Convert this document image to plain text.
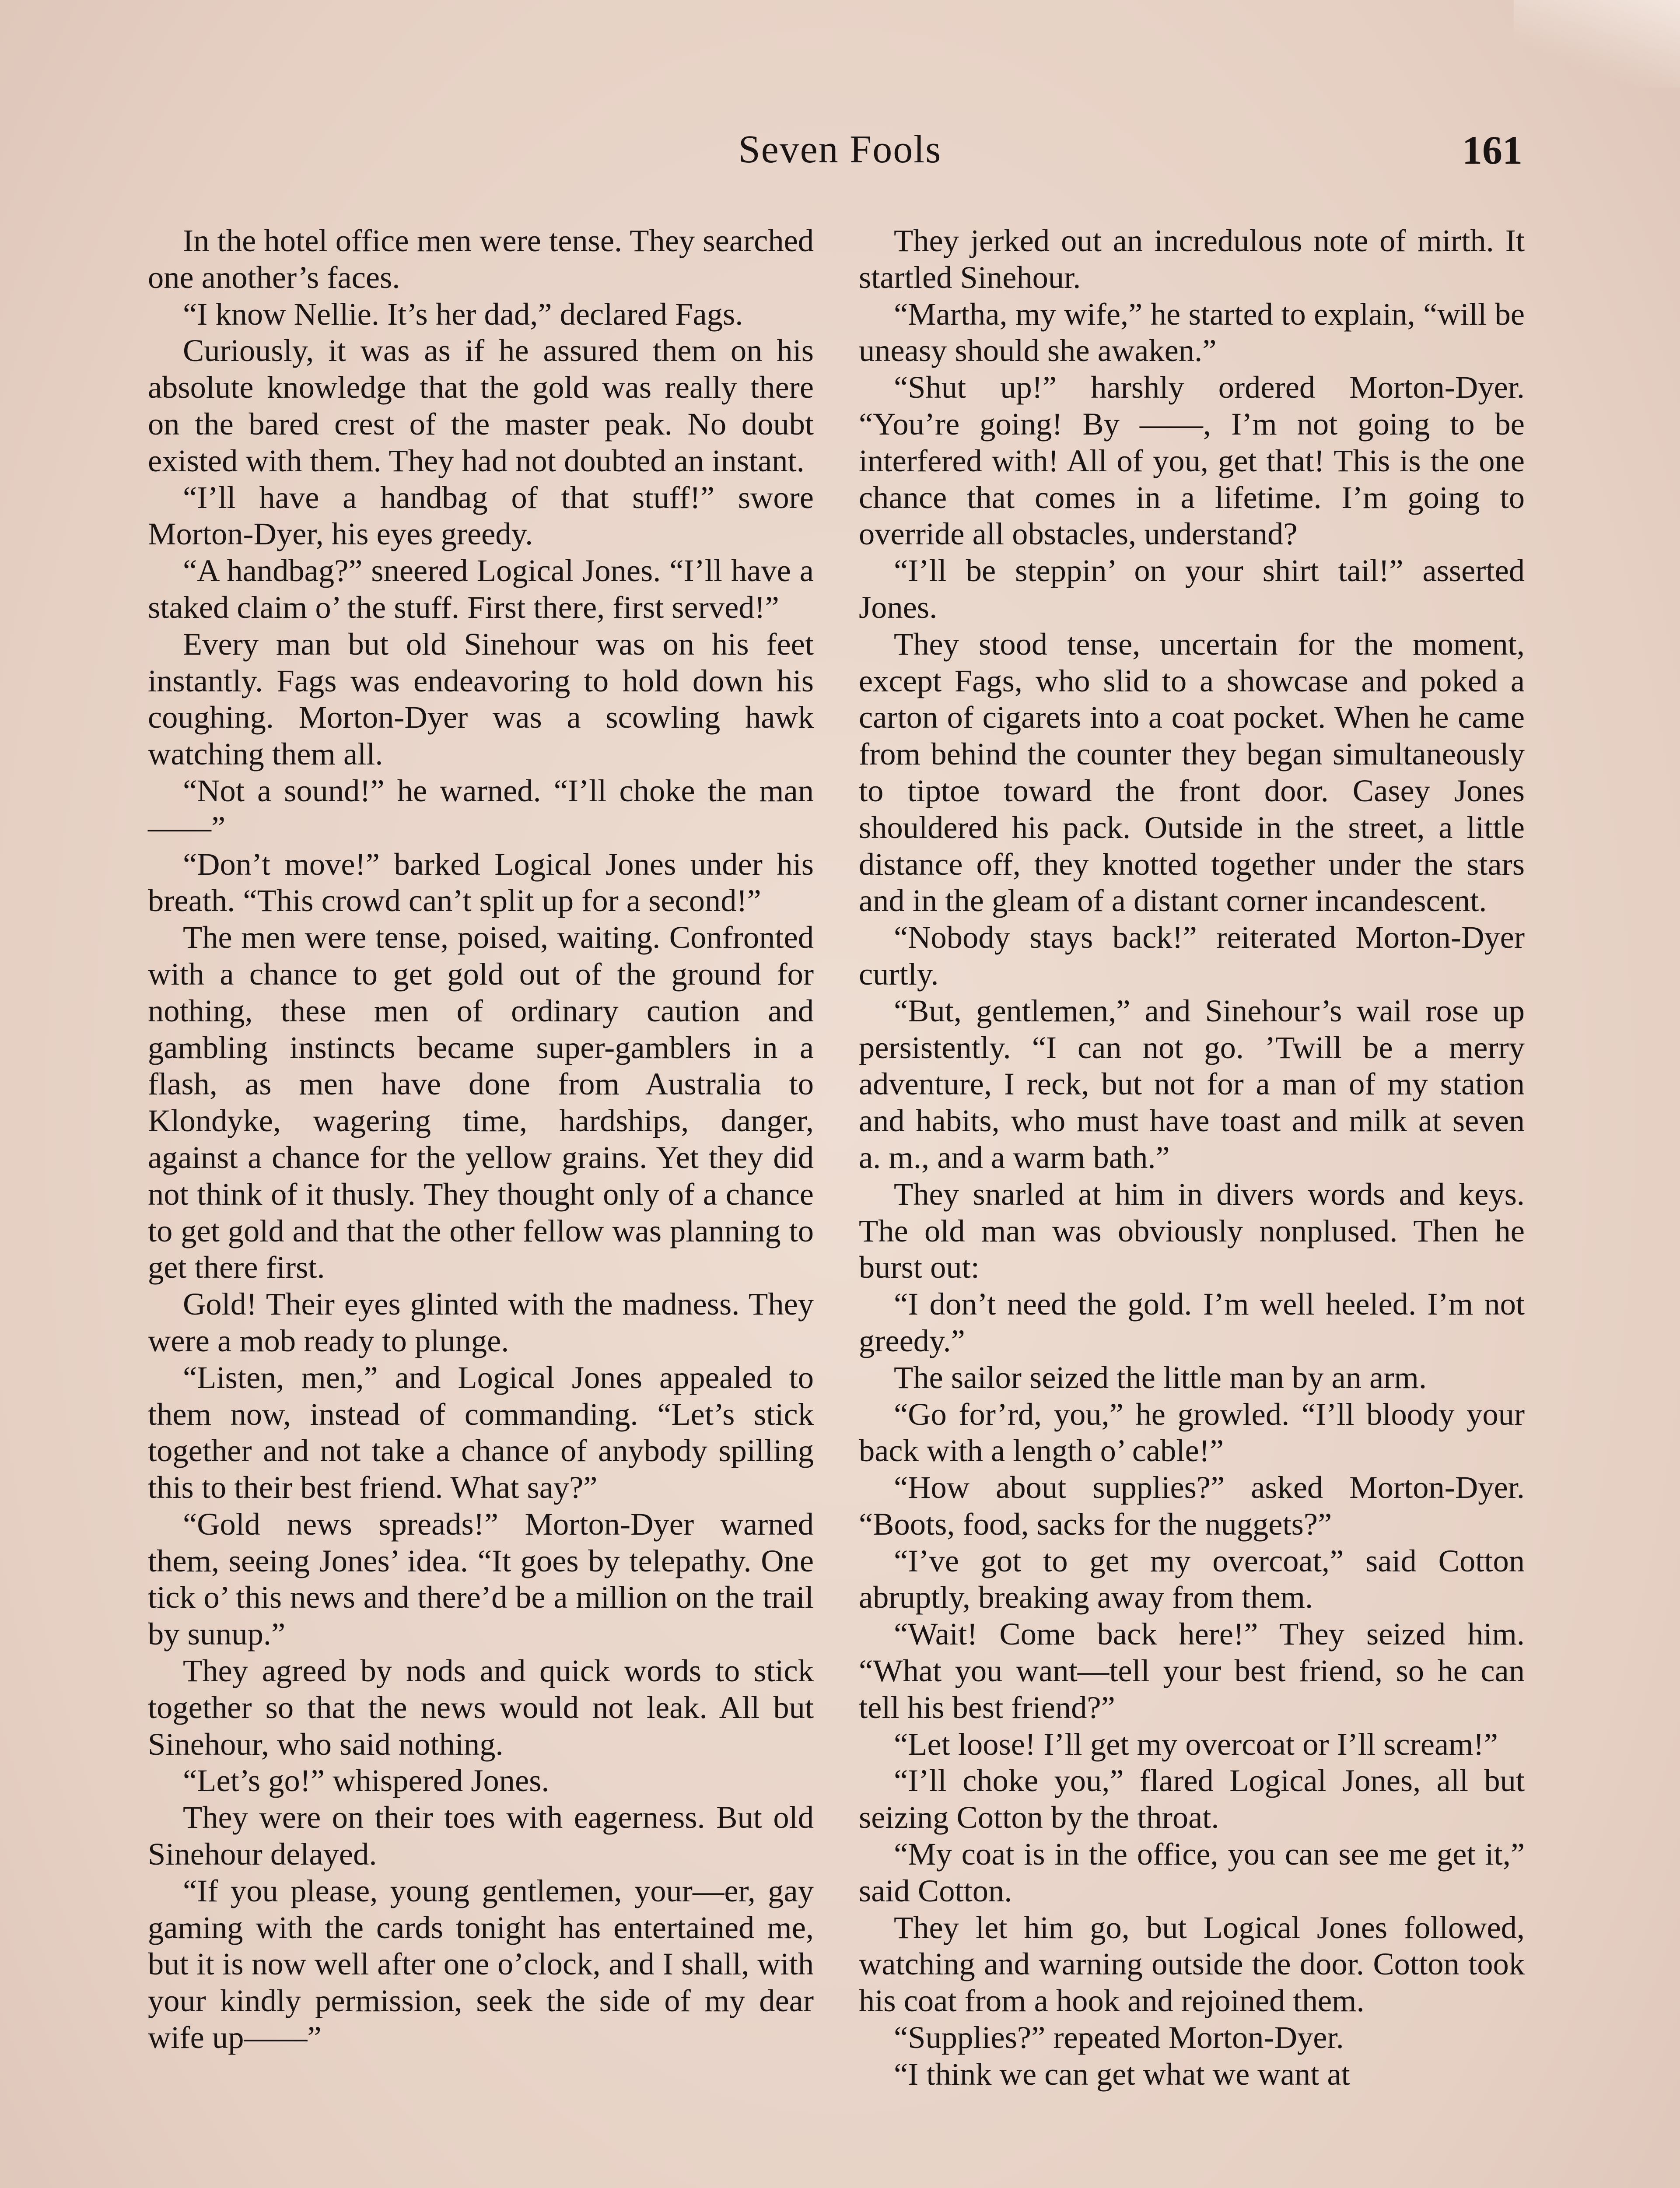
Seven Fools	161

In the hotel office men were tense. They searched one another’s faces.

“I know Nellie. It’s her dad,” declared Fags.

Curiously, it was as if he assured them on his absolute knowledge that the gold was really there on the bared crest of the master peak. No doubt existed with them. They had not doubted an instant.

“I’ll have a handbag of that stuff!” swore Morton-Dyer, his eyes greedy.

“A handbag?” sneered Logical Jones. “I’ll have a staked claim o’ the stuff. First there, first served!”

Every man but old Sinehour was on his feet instantly. Fags was endeavoring to hold down his coughing. Morton-Dyer was a scowling hawk watching them all.

“Not a sound!” he warned. “I’ll choke the man——”

“Don’t move!” barked Logical Jones under his breath. “This crowd can’t split up for a second!”

The men were tense, poised, waiting. Confronted with a chance to get gold out of the ground for nothing, these men of ordinary caution and gambling instincts became super-gamblers in a flash, as men have done from Australia to Klondyke, wagering time, hardships, danger, against a chance for the yellow grains. Yet they did not think of it thusly. They thought only of a chance to get gold and that the other fellow was planning to get there first.

Gold! Their eyes glinted with the madness. They were a mob ready to plunge.

“Listen, men,” and Logical Jones appealed to them now, instead of commanding. “Let’s stick together and not take a chance of anybody spilling this to their best friend. What say?”

“Gold news spreads!” Morton-Dyer warned them, seeing Jones’ idea. “It goes by telepathy. One tick o’ this news and there’d be a million on the trail by sunup.”

They agreed by nods and quick words to stick together so that the news would not leak. All but Sinehour, who said nothing.

“Let’s go!” whispered Jones.

They were on their toes with eagerness. But old Sinehour delayed.

“If you please, young gentlemen, your—er, gay gaming with the cards tonight has entertained me, but it is now well after one o’clock, and I shall, with your kindly permission, seek the side of my dear wife up——”

They jerked out an incredulous note of mirth. It startled Sinehour.

“Martha, my wife,” he started to explain, “will be uneasy should she awaken.”

“Shut up!” harshly ordered Morton-Dyer. “You’re going! By ——, I’m not going to be interfered with! All of you, get that! This is the one chance that comes in a lifetime. I’m going to override all obstacles, understand?

“I’ll be steppin’ on your shirt tail!” asserted Jones.

They stood tense, uncertain for the moment, except Fags, who slid to a showcase and poked a carton of cigarets into a coat pocket. When he came from behind the counter they began simultaneously to tiptoe toward the front door. Casey Jones shouldered his pack. Outside in the street, a little distance off, they knotted together under the stars and in the gleam of a distant corner incandescent.

“Nobody stays back!” reiterated Morton-Dyer curtly.

“But, gentlemen,” and Sinehour’s wail rose up persistently. “I can not go. ’Twill be a merry adventure, I reck, but not for a man of my station and habits, who must have toast and milk at seven a. m., and a warm bath.”

They snarled at him in divers words and keys. The old man was obviously nonplused. Then he burst out:

“I don’t need the gold. I’m well heeled. I’m not greedy.”

The sailor seized the little man by an arm.

“Go for’rd, you,” he growled. “I’ll bloody your back with a length o’ cable!”

“How about supplies?” asked Morton-Dyer. “Boots, food, sacks for the nuggets?”

“I’ve got to get my overcoat,” said Cotton abruptly, breaking away from them.

“Wait! Come back here!” They seized him. “What you want—tell your best friend, so he can tell his best friend?”

“Let loose! I’ll get my overcoat or I’ll scream!”

“I’ll choke you,” flared Logical Jones, all but seizing Cotton by the throat.

“My coat is in the office, you can see me get it,” said Cotton.

They let him go, but Logical Jones followed, watching and warning outside the door. Cotton took his coat from a hook and rejoined them.

“Supplies?” repeated Morton-Dyer.

“I think we can get what we want at
